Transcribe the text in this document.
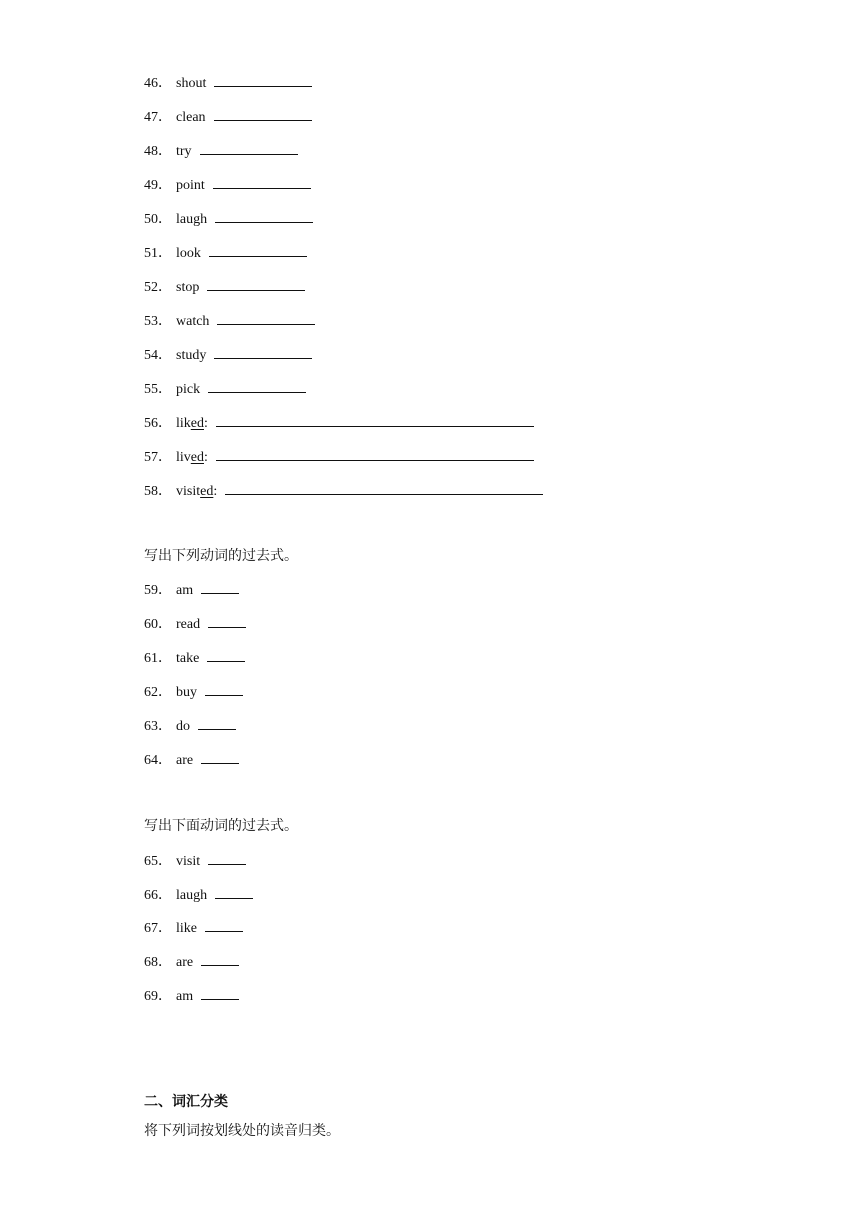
46． shout
47． clean
48． try
49． point
50． laugh
51． look
52． stop
53． watch
54． study
55． pick
56． liked:
57． lived:
58． visited:
写出下列动词的过去式。
59． am
60． read
61． take
62． buy
63． do
64． are
写出下面动词的过去式。
65． visit
66． laugh
67． like
68． are
69． am
二、词汇分类
将下列词按划线处的读音归类。
